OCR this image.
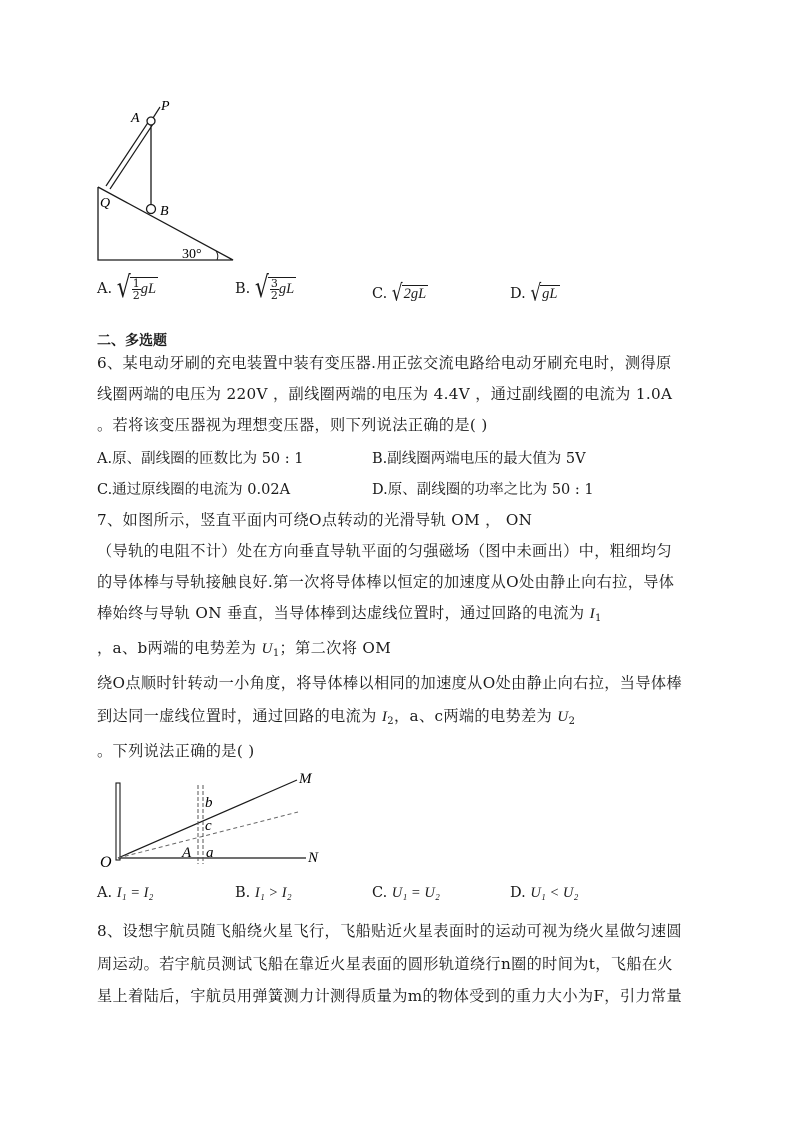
A
P
Q
B
30°
A. √ $\frac{1}{2}$ gL	B. √ $\frac{3}{2}$ gL	C. √ 2gL	D. √ gL
二、多选题
6、某电动牙刷的充电装置中装有变压器.用正弦交流电路给电动牙刷充电时，测得原
线圈两端的电压为 220V ，副线圈两端的电压为 4.4V ，通过副线圈的电流为 1.0A
。若将该变压器视为理想变压器，则下列说法正确的是( )
A.原、副线圈的匝数比为 50 : 1	B.副线圈两端电压的最大值为 5V
C.通过原线圈的电流为 0.02A	D.原、副线圈的功率之比为 50 : 1
7、如图所示，竖直平面内可绕O点转动的光滑导轨 OM ， ON
（导轨的电阻不计）处在方向垂直导轨平面的匀强磁场（图中未画出）中，粗细均匀
的导体棒与导轨接触良好.第一次将导体棒以恒定的加速度从O处由静止向右拉，导体
棒始终与导轨 ON 垂直，当导体棒到达虚线位置时，通过回路的电流为 $I_1$
，a、b两端的电势差为 $U_1$；第二次将 OM
绕O点顺时针转动一小角度，将导体棒以相同的加速度从O处由静止向右拉，当导体棒
到达同一虚线位置时，通过回路的电流为 $I_2$，a、c两端的电势差为 $U_2$
。下列说法正确的是( )
M
N
O
A a
b
c
A. I₁ = I₂	B. I₁ > I₂	C. U₁ = U₂	D. U₁ < U₂
8、设想宇航员随飞船绕火星飞行，飞船贴近火星表面时的运动可视为绕火星做匀速圆
周运动。若宇航员测试飞船在靠近火星表面的圆形轨道绕行n圈的时间为t，飞船在火
星上着陆后，宇航员用弹簧测力计测得质量为m的物体受到的重力大小为F，引力常量
